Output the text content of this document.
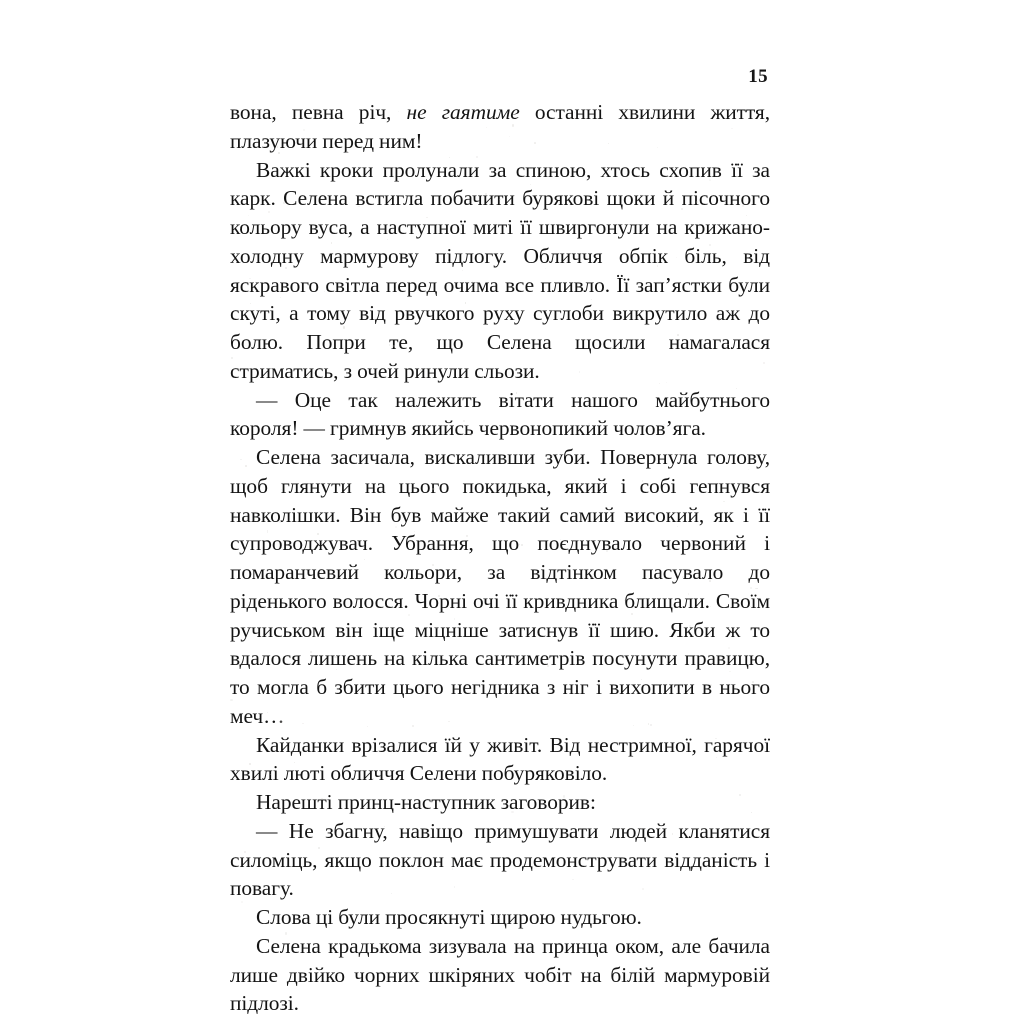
15

вона, певна річ, не гаятиме останні хвилини життя, плазуючи перед ним!

Важкі кроки пролунали за спиною, хтось схопив її за карк. Селена встигла побачити бурякові щоки й пісочного кольору вуса, а наступної миті її швиргонули на крижано-холодну мармурову підлогу. Обличчя обпік біль, від яскравого світла перед очима все пливло. Її зап’ястки були скуті, а тому від рвучкого руху суглоби викрутило аж до болю. Попри те, що Селена щосили намагалася стриматись, з очей ринули сльози.

— Оце так належить вітати нашого майбутнього короля! — гримнув якийсь червонопикий чолов’яга.

Селена засичала, вискаливши зуби. Повернула голову, щоб глянути на цього покидька, який і собі гепнувся навколішки. Він був майже такий самий високий, як і її супроводжувач. Убрання, що поєднувало червоний і помаранчевий кольори, за відтінком пасувало до ріденького волосся. Чорні очі її кривдника блищали. Своїм ручиськом він іще міцніше затиснув її шию. Якби ж то вдалося лишень на кілька сантиметрів посунути правицю, то могла б збити цього негідника з ніг і вихопити в нього меч…

Кайданки врізалися їй у живіт. Від нестримної, гарячої хвилі люті обличчя Селени побуряковіло.

Нарешті принц-наступник заговорив:

— Не збагну, навіщо примушувати людей кланятися силоміць, якщо поклон має продемонструвати відданість і повагу.

Слова ці були просякнуті щирою нудьгою.

Селена крадькома зизувала на принца оком, але бачила лише двійко чорних шкіряних чобіт на білій мармуровій підлозі.
